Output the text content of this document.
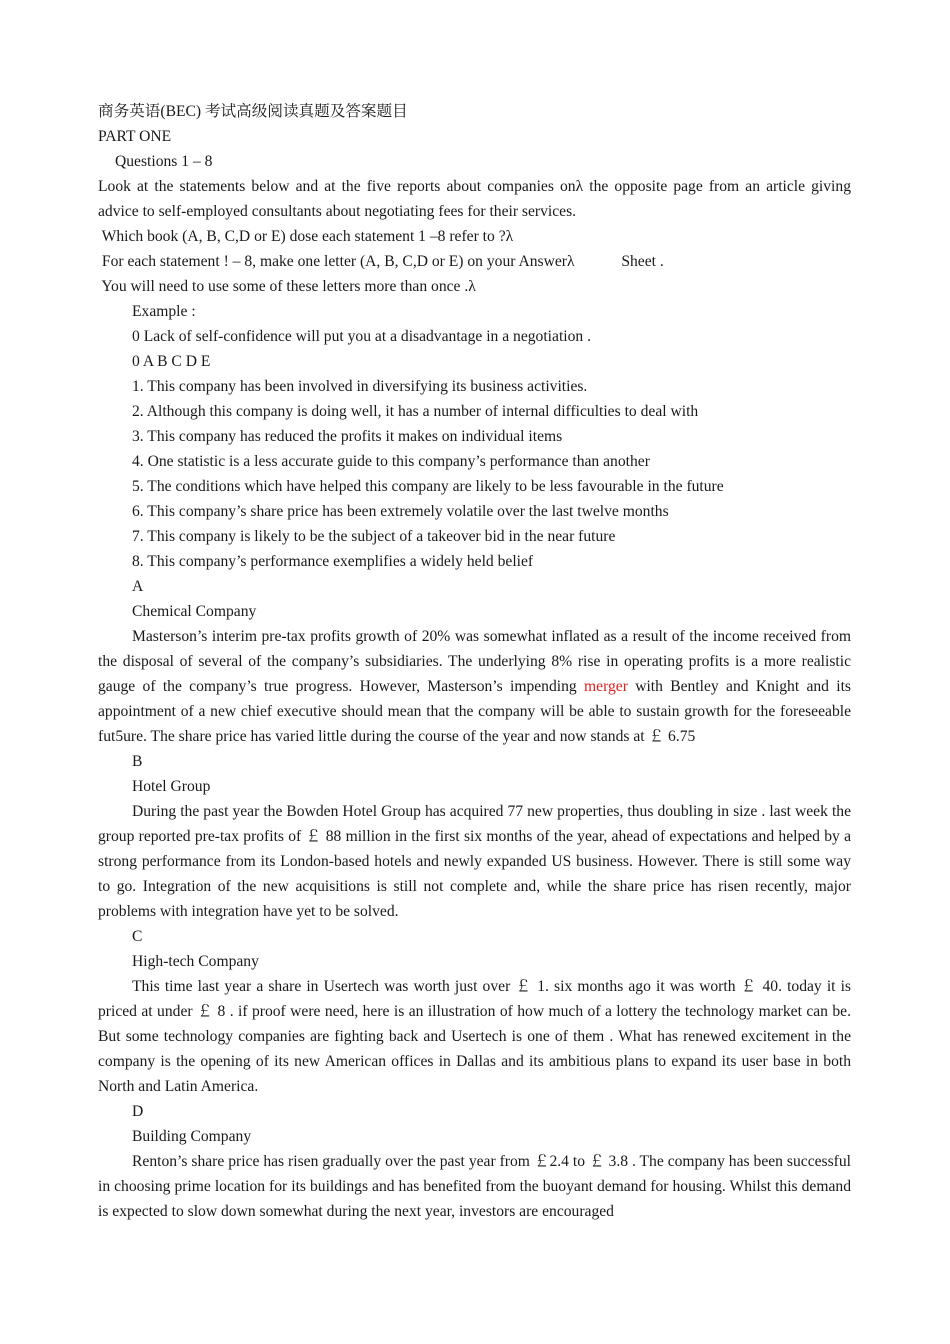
商务英语(BEC) 考试高级阅读真题及答案题目
PART ONE
Questions 1 – 8
Look at the statements below and at the five reports about companies onλ the opposite page from an article giving advice to self-employed consultants about negotiating fees for their services.
Which book (A, B, C,D or E) dose each statement 1 –8 refer to ?λ
For each statement ! – 8, make one letter (A, B, C,D or E) on your Answerλ            Sheet .
You will need to use some of these letters more than once .λ
Example :
0 Lack of self-confidence will put you at a disadvantage in a negotiation .
0 A B C D E
1. This company has been involved in diversifying its business activities.
2. Although this company is doing well, it has a number of internal difficulties to deal with
3. This company has reduced the profits it makes on individual items
4. One statistic is a less accurate guide to this company’s performance than another
5. The conditions which have helped this company are likely to be less favourable in the future
6. This company’s share price has been extremely volatile over the last twelve months
7. This company is likely to be the subject of a takeover bid in the near future
8. This company’s performance exemplifies a widely held belief
A
Chemical Company
Masterson’s interim pre-tax profits growth of 20% was somewhat inflated as a result of the income received from the disposal of several of the company’s subsidiaries. The underlying 8% rise in operating profits is a more realistic gauge of the company’s true progress. However, Masterson’s impending merger with Bentley and Knight and its appointment of a new chief executive should mean that the company will be able to sustain growth for the foreseeable fut5ure. The share price has varied little during the course of the year and now stands at ￡ 6.75
B
Hotel Group
During the past year the Bowden Hotel Group has acquired 77 new properties, thus doubling in size . last week the group reported pre-tax profits of ￡ 88 million in the first six months of the year, ahead of expectations and helped by a strong performance from its London-based hotels and newly expanded US business. However. There is still some way to go. Integration of the new acquisitions is still not complete and, while the share price has risen recently, major problems with integration have yet to be solved.
C
High-tech Company
This time last year a share in Usertech was worth just over ￡ 1. six months ago it was worth ￡ 40. today it is priced at under ￡ 8 . if proof were need, here is an illustration of how much of a lottery the technology market can be. But some technology companies are fighting back and Usertech is one of them . What has renewed excitement in the company is the opening of its new American offices in Dallas and its ambitious plans to expand its user base in both North and Latin America.
D
Building Company
Renton’s share price has risen gradually over the past year from ￡2.4 to ￡ 3.8 . The company has been successful in choosing prime location for its buildings and has benefited from the buoyant demand for housing. Whilst this demand is expected to slow down somewhat during the next year, investors are encouraged
